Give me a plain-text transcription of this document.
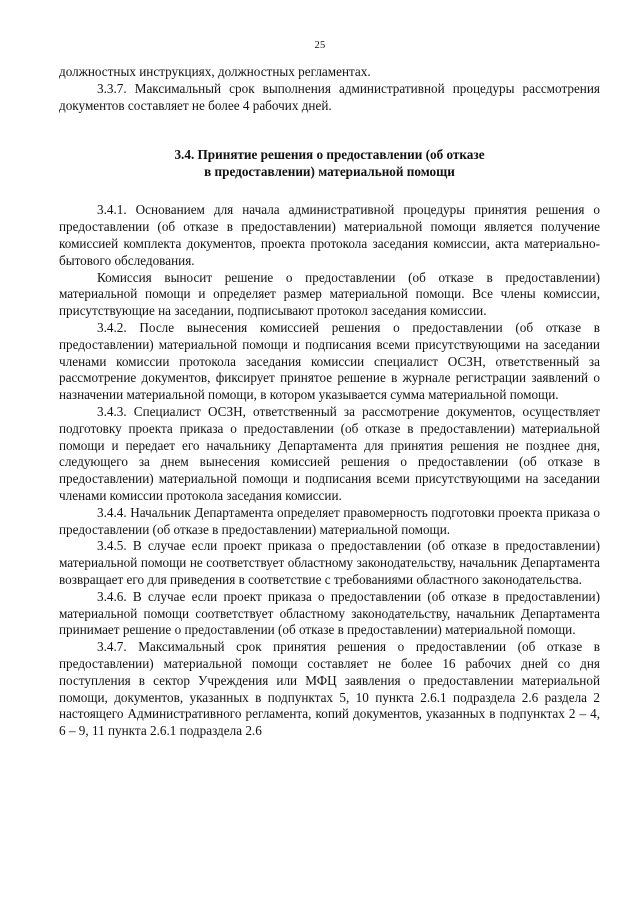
25

должностных инструкциях, должностных регламентах.

3.3.7. Максимальный срок выполнения административной процедуры рассмотрения документов составляет не более 4 рабочих дней.

3.4. Принятие решения о предоставлении (об отказе
в предоставлении) материальной помощи

3.4.1. Основанием для начала административной процедуры принятия решения о предоставлении (об отказе в предоставлении) материальной помощи является получение комиссией комплекта документов, проекта протокола заседания комиссии, акта материально-бытового обследования.

Комиссия выносит решение о предоставлении (об отказе в предоставлении) материальной помощи и определяет размер материальной помощи. Все члены комиссии, присутствующие на заседании, подписывают протокол заседания комиссии.

3.4.2. После вынесения комиссией решения о предоставлении (об отказе в предоставлении) материальной помощи и подписания всеми присутствующими на заседании членами комиссии протокола заседания комиссии специалист ОСЗН, ответственный за рассмотрение документов, фиксирует принятое решение в журнале регистрации заявлений о назначении материальной помощи, в котором указывается сумма материальной помощи.

3.4.3. Специалист ОСЗН, ответственный за рассмотрение документов, осуществляет подготовку проекта приказа о предоставлении (об отказе в предоставлении) материальной помощи и передает его начальнику Департамента для принятия решения не позднее дня, следующего за днем вынесения комиссией решения о предоставлении (об отказе в предоставлении) материальной помощи и подписания всеми присутствующими на заседании членами комиссии протокола заседания комиссии.

3.4.4. Начальник Департамента определяет правомерность подготовки проекта приказа о предоставлении (об отказе в предоставлении) материальной помощи.

3.4.5. В случае если проект приказа о предоставлении (об отказе в предоставлении) материальной помощи не соответствует областному законодательству, начальник Департамента возвращает его для приведения в соответствие с требованиями областного законодательства.

3.4.6. В случае если проект приказа о предоставлении (об отказе в предоставлении) материальной помощи соответствует областному законодательству, начальник Департамента принимает решение о предоставлении (об отказе в предоставлении) материальной помощи.

3.4.7. Максимальный срок принятия решения о предоставлении (об отказе в предоставлении) материальной помощи составляет не более 16 рабочих дней со дня поступления в сектор Учреждения или МФЦ заявления о предоставлении материальной помощи, документов, указанных в подпунктах 5, 10 пункта 2.6.1 подраздела 2.6 раздела 2 настоящего Административного регламента, копий документов, указанных в подпунктах 2 – 4, 6 – 9, 11 пункта 2.6.1 подраздела 2.6
